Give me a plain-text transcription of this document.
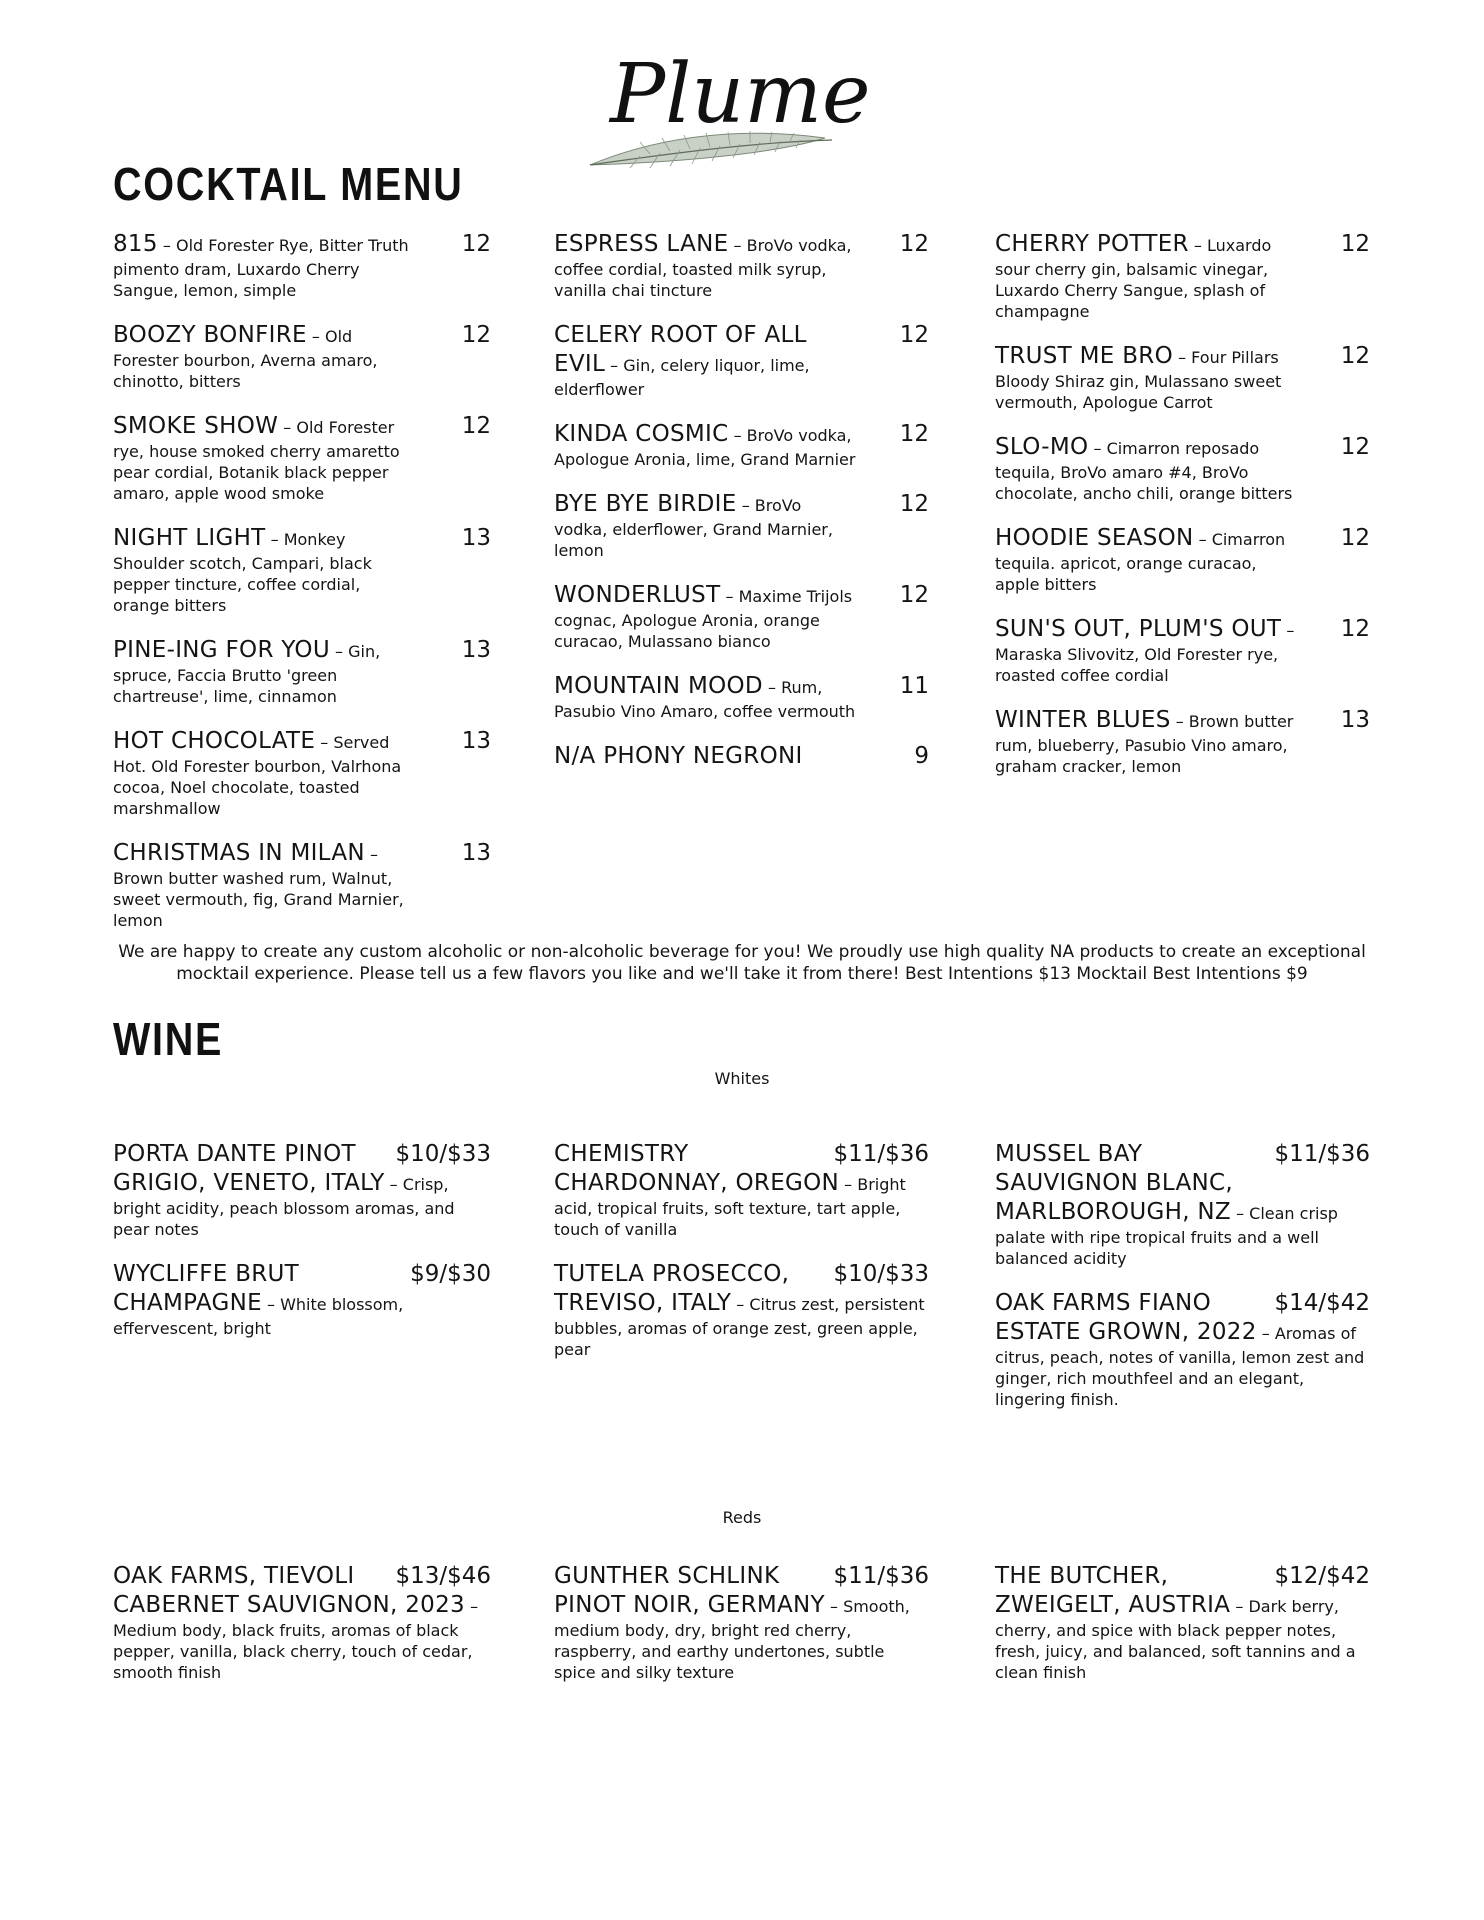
Plume
COCKTAIL MENU
815 – Old Forester Rye, Bitter Truth pimento dram, Luxardo Cherry Sangue, lemon, simple
12
BOOZY BONFIRE – Old Forester bourbon, Averna amaro, chinotto, bitters
12
SMOKE SHOW – Old Forester rye, house smoked cherry amaretto pear cordial, Botanik black pepper amaro, apple wood smoke
12
NIGHT LIGHT – Monkey Shoulder scotch, Campari, black pepper tincture, coffee cordial, orange bitters
13
PINE-ING FOR YOU – Gin, spruce, Faccia Brutto 'green chartreuse', lime, cinnamon
13
HOT CHOCOLATE – Served Hot. Old Forester bourbon, Valrhona cocoa, Noel chocolate, toasted marshmallow
13
CHRISTMAS IN MILAN – Brown butter washed rum, Walnut, sweet vermouth, fig, Grand Marnier, lemon
13
ESPRESS LANE – BroVo vodka, coffee cordial, toasted milk syrup, vanilla chai tincture
12
CELERY ROOT OF ALL EVIL – Gin, celery liquor, lime, elderflower
12
KINDA COSMIC – BroVo vodka, Apologue Aronia, lime, Grand Marnier
12
BYE BYE BIRDIE – BroVo vodka, elderflower, Grand Marnier, lemon
12
WONDERLUST – Maxime Trijols cognac, Apologue Aronia, orange curacao, Mulassano bianco
12
MOUNTAIN MOOD – Rum, Pasubio Vino Amaro, coffee vermouth
11
N/A PHONY NEGRONI	9
CHERRY POTTER – Luxardo sour cherry gin, balsamic vinegar, Luxardo Cherry Sangue, splash of champagne
12
TRUST ME BRO – Four Pillars Bloody Shiraz gin, Mulassano sweet vermouth, Apologue Carrot
12
SLO-MO – Cimarron reposado tequila, BroVo amaro #4, BroVo chocolate, ancho chili, orange bitters
12
HOODIE SEASON – Cimarron tequila. apricot, orange curacao, apple bitters
12
SUN'S OUT, PLUM'S OUT – Maraska Slivovitz, Old Forester rye, roasted coffee cordial
12
WINTER BLUES – Brown butter rum, blueberry, Pasubio Vino amaro, graham cracker, lemon
13

We are happy to create any custom alcoholic or non-alcoholic beverage for you! We proudly use high quality NA products to create an exceptional mocktail experience. Please tell us a few flavors you like and we'll take it from there! Best Intentions $13 Mocktail Best Intentions $9

WINE

Whites

PORTA DANTE PINOT GRIGIO, VENETO, ITALY – Crisp, bright acidity, peach blossom aromas, and pear notes
$10/$33
WYCLIFFE BRUT CHAMPAGNE – White blossom, effervescent, bright
$9/$30
CHEMISTRY CHARDONNAY, OREGON – Bright acid, tropical fruits, soft texture, tart apple, touch of vanilla
$11/$36
TUTELA PROSECCO, TREVISO, ITALY – Citrus zest, persistent bubbles, aromas of orange zest, green apple, pear
$10/$33
MUSSEL BAY SAUVIGNON BLANC, MARLBOROUGH, NZ – Clean crisp palate with ripe tropical fruits and a well balanced acidity
$11/$36
OAK FARMS FIANO ESTATE GROWN, 2022 – Aromas of citrus, peach, notes of vanilla, lemon zest and ginger, rich mouthfeel and an elegant, lingering finish.
$14/$42

Reds

OAK FARMS, TIEVOLI CABERNET SAUVIGNON, 2023 – Medium body, black fruits, aromas of black pepper, vanilla, black cherry, touch of cedar, smooth finish
$13/$46	GUNTHER SCHLINK PINOT NOIR, GERMANY – Smooth, medium body, dry, bright red cherry, raspberry, and earthy undertones, subtle spice and silky texture
$11/$36	THE BUTCHER, ZWEIGELT, AUSTRIA – Dark berry, cherry, and spice with black pepper notes, fresh, juicy, and balanced, soft tannins and a clean finish
$12/$42
